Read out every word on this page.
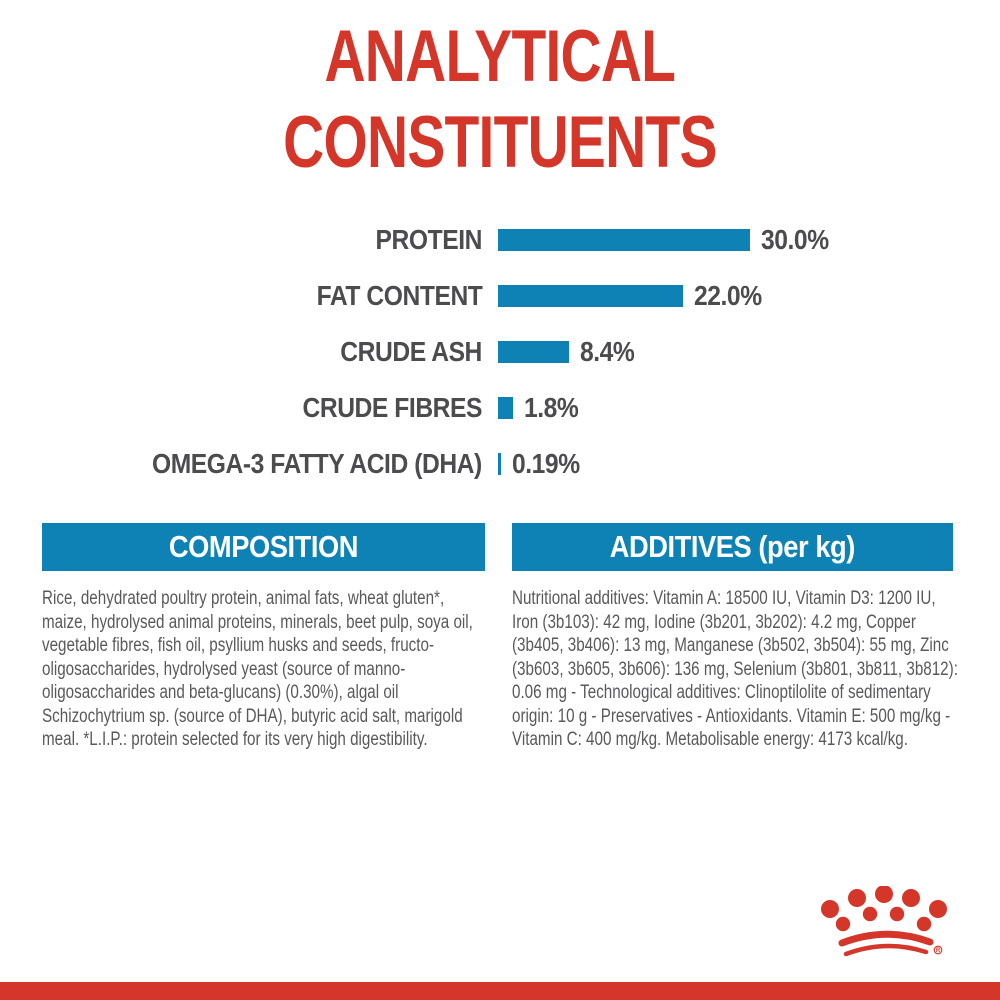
ANALYTICAL
CONSTITUENTS
PROTEIN	30.0%
FAT CONTENT	22.0%
CRUDE ASH	8.4%
CRUDE FIBRES 1.8%
OMEGA-3 FATTY ACID (DHA) 0.19%
COMPOSITION	ADDITIVES (per kg)
Rice, dehydrated poultry protein, animal fats, wheat gluten*, maize, hydrolysed animal proteins, minerals, beet pulp, soya oil, vegetable fibres, fish oil, psyllium husks and seeds, fructo-oligosaccharides, hydrolysed yeast (source of manno-oligosaccharides and beta-glucans) (0.30%), algal oil Schizochytrium sp. (source of DHA), butyric acid salt, marigold meal. *L.I.P.: protein selected for its very high digestibility.
Nutritional additives: Vitamin A: 18500 IU, Vitamin D3: 1200 IU, Iron (3b103): 42 mg, Iodine (3b201, 3b202): 4.2 mg, Copper (3b405, 3b406): 13 mg, Manganese (3b502, 3b504): 55 mg, Zinc (3b603, 3b605, 3b606): 136 mg, Selenium (3b801, 3b811, 3b812): 0.06 mg - Technological additives: Clinoptilolite of sedimentary origin: 10 g - Preservatives - Antioxidants. Vitamin E: 500 mg/kg - Vitamin C: 400 mg/kg. Metabolisable energy: 4173 kcal/kg.
R
